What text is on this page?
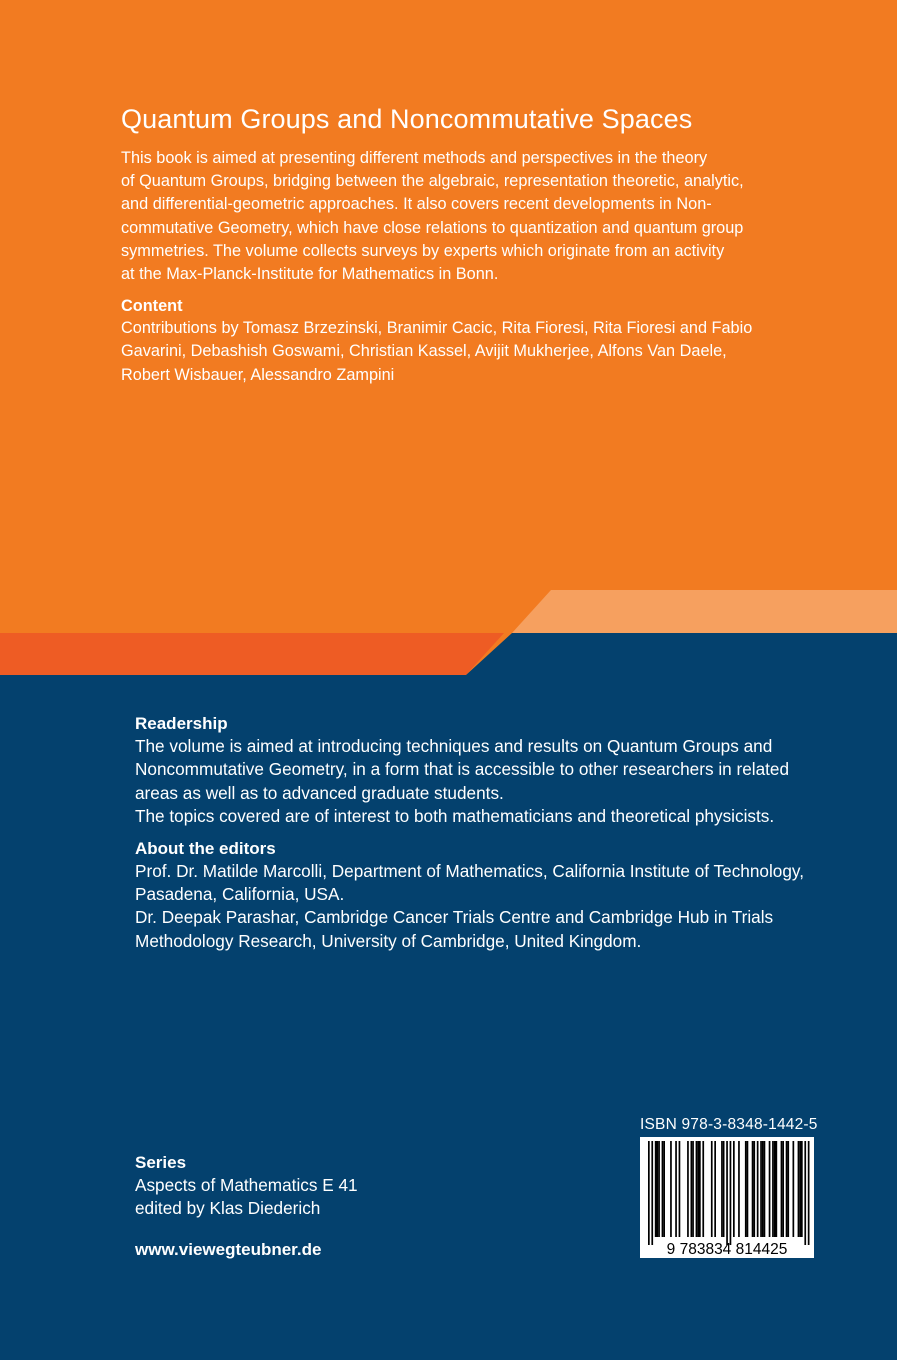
Quantum Groups and Noncommutative Spaces

This book is aimed at presenting different methods and perspectives in the theory

of Quantum Groups, bridging between the algebraic, representation theoretic, analytic,

and differential-geometric approaches. It also covers recent developments in Non-

commutative Geometry, which have close relations to quantization and quantum group

symmetries. The volume collects surveys by experts which originate from an activity

at the Max-Planck-Institute for Mathematics in Bonn.

Content

Contributions by Tomasz Brzezinski, Branimir Cacic, Rita Fioresi, Rita Fioresi and Fabio

Gavarini, Debashish Goswami, Christian Kassel, Avijit Mukherjee, Alfons Van Daele,

Robert Wisbauer, Alessandro Zampini

Readership

The volume is aimed at introducing techniques and results on Quantum Groups and

Noncommutative Geometry, in a form that is accessible to other researchers in related

areas as well as to advanced graduate students.

The topics covered are of interest to both mathematicians and theoretical physicists.

About the editors

Prof. Dr. Matilde Marcolli, Department of Mathematics, California Institute of Technology,

Pasadena, California, USA.

Dr. Deepak Parashar, Cambridge Cancer Trials Centre and Cambridge Hub in Trials

Methodology Research, University of Cambridge, United Kingdom.

Series

Aspects of Mathematics E 41

edited by Klas Diederich

www.viewegteubner.de
ISBN 978-3-8348-1442-5
9 783834 814425
